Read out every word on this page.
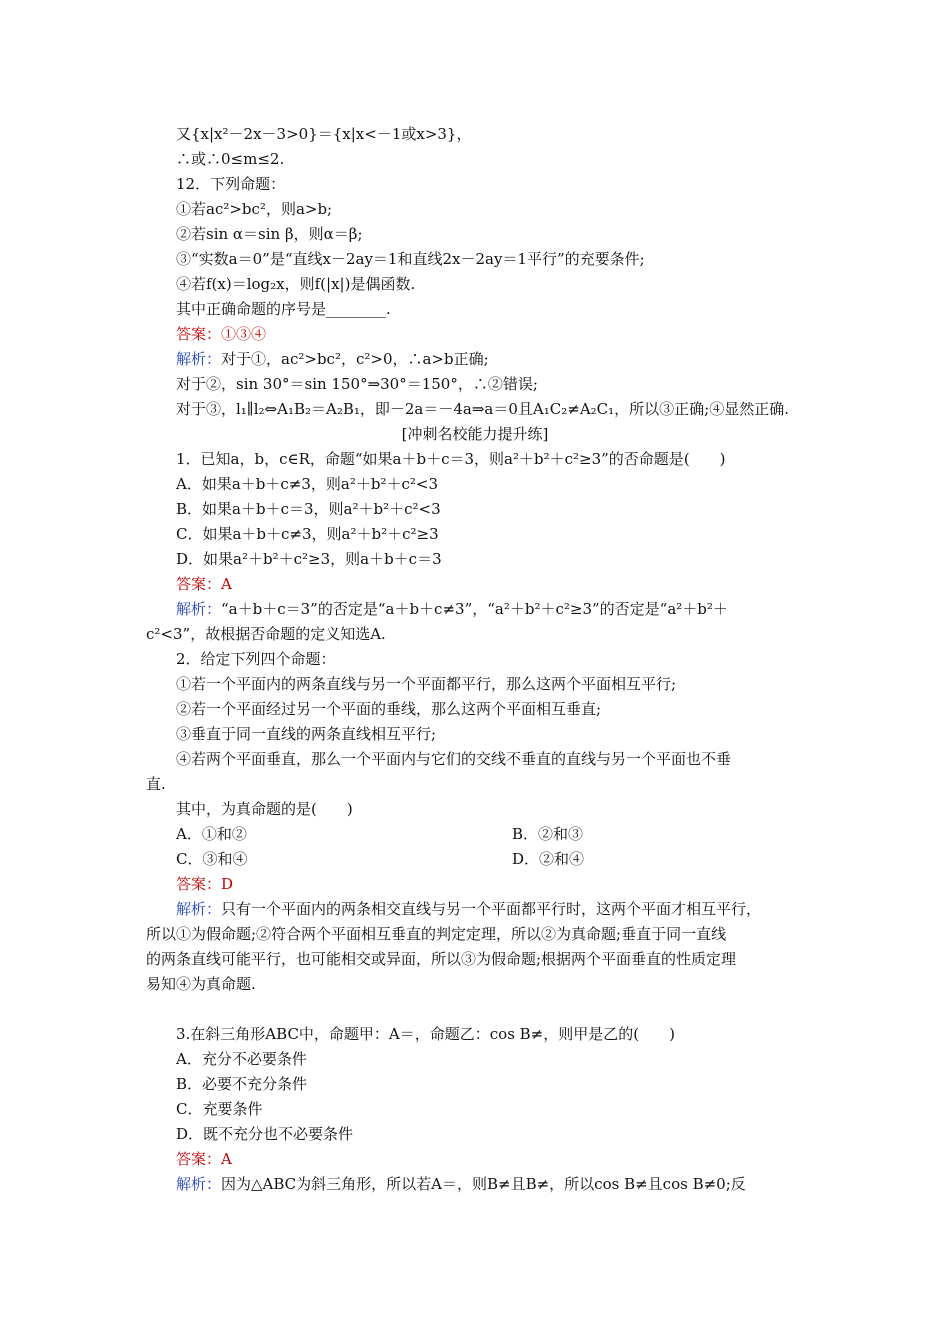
又{x|x²－2x－3>0}＝{x|x<－1或x>3}，
∴或∴0≤m≤2.
12．下列命题：
①若ac²>bc²，则a>b;
②若sin α＝sin β，则α＝β;
③“实数a＝0”是“直线x－2ay＝1和直线2x－2ay＝1平行”的充要条件;
④若f(x)＝log₂x，则f(|x|)是偶函数.
其中正确命题的序号是________.
答案：①③④
解析：对于①，ac²>bc²，c²>0，∴a>b正确;
对于②，sin 30°＝sin 150°⇒30°＝150°，∴②错误;
对于③，l₁∥l₂⇔A₁B₂＝A₂B₁，即－2a＝－4a⇒a＝0且A₁C₂≠A₂C₁，所以③正确;④显然正确.
[冲刺名校能力提升练]
1．已知a，b，c∈R，命题“如果a＋b＋c＝3，则a²＋b²＋c²≥3”的否命题是(　　)
A．如果a＋b＋c≠3，则a²＋b²＋c²<3
B．如果a＋b＋c＝3，则a²＋b²＋c²<3
C．如果a＋b＋c≠3，则a²＋b²＋c²≥3
D．如果a²＋b²＋c²≥3，则a＋b＋c＝3
答案：A
解析：“a＋b＋c＝3”的否定是“a＋b＋c≠3”，“a²＋b²＋c²≥3”的否定是“a²＋b²＋
c²<3”，故根据否命题的定义知选A.
2．给定下列四个命题：
①若一个平面内的两条直线与另一个平面都平行，那么这两个平面相互平行;
②若一个平面经过另一个平面的垂线，那么这两个平面相互垂直;
③垂直于同一直线的两条直线相互平行;
④若两个平面垂直，那么一个平面内与它们的交线不垂直的直线与另一个平面也不垂
直.
其中，为真命题的是(　　)
A．①和②	B．②和③
C．③和④	D．②和④
答案：D
解析：只有一个平面内的两条相交直线与另一个平面都平行时，这两个平面才相互平行，
所以①为假命题;②符合两个平面相互垂直的判定定理，所以②为真命题;垂直于同一直线
的两条直线可能平行，也可能相交或异面，所以③为假命题;根据两个平面垂直的性质定理
易知④为真命题.
3.在斜三角形ABC中，命题甲：A＝，命题乙：cos B≠，则甲是乙的(　　)
A．充分不必要条件
B．必要不充分条件
C．充要条件
D．既不充分也不必要条件
答案：A
解析：因为△ABC为斜三角形，所以若A＝，则B≠且B≠，所以cos B≠且cos B≠0;反
